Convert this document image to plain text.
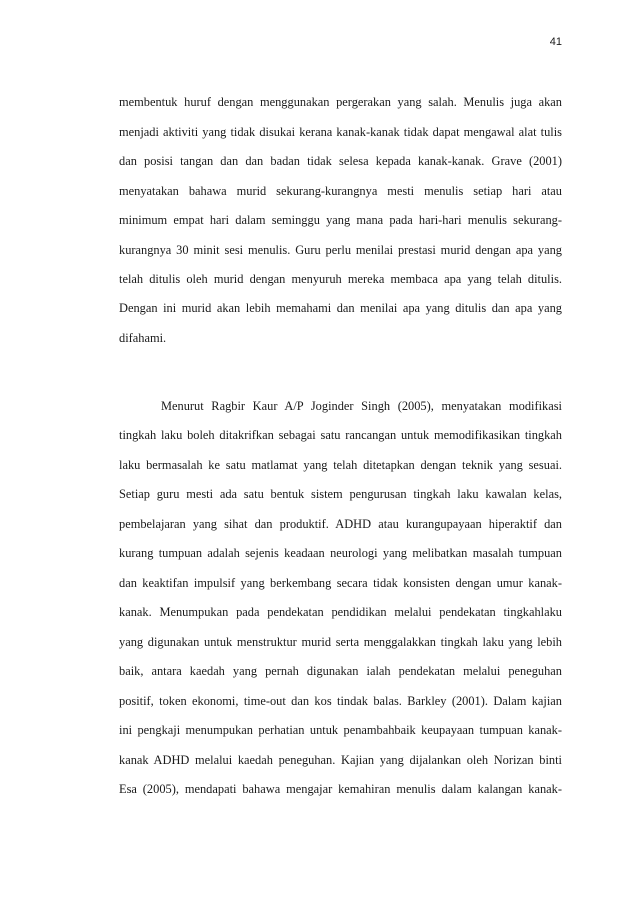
41
membentuk huruf dengan menggunakan pergerakan yang salah. Menulis juga akan
menjadi aktiviti yang tidak disukai kerana kanak-kanak tidak dapat mengawal alat tulis
dan posisi tangan dan dan badan tidak selesa kepada kanak-kanak. Grave (2001)
menyatakan bahawa murid sekurang-kurangnya mesti menulis setiap hari atau
minimum empat hari dalam seminggu yang mana pada hari-hari menulis sekurang-
kurangnya 30 minit sesi menulis. Guru perlu menilai prestasi murid dengan apa yang
telah ditulis oleh murid dengan menyuruh mereka membaca apa yang telah ditulis.
Dengan ini murid akan lebih memahami dan menilai apa yang ditulis dan apa yang
difahami.
Menurut Ragbir Kaur A/P Joginder Singh (2005), menyatakan modifikasi
tingkah laku boleh ditakrifkan sebagai satu rancangan untuk memodifikasikan tingkah
laku bermasalah ke satu matlamat yang telah ditetapkan dengan teknik yang sesuai.
Setiap guru mesti ada satu bentuk sistem pengurusan tingkah laku kawalan kelas,
pembelajaran yang sihat dan produktif. ADHD atau kurangupayaan hiperaktif dan
kurang tumpuan adalah sejenis keadaan neurologi yang melibatkan masalah tumpuan
dan keaktifan impulsif yang berkembang secara tidak konsisten dengan umur kanak-
kanak. Menumpukan pada pendekatan pendidikan melalui pendekatan tingkahlaku
yang digunakan untuk menstruktur murid serta menggalakkan tingkah laku yang lebih
baik, antara kaedah yang pernah digunakan ialah pendekatan melalui peneguhan
positif, token ekonomi, time-out dan kos tindak balas. Barkley (2001). Dalam kajian
ini pengkaji menumpukan perhatian untuk penambahbaik keupayaan tumpuan kanak-
kanak ADHD melalui kaedah peneguhan. Kajian yang dijalankan oleh Norizan binti
Esa (2005), mendapati bahawa mengajar kemahiran menulis dalam kalangan kanak-
